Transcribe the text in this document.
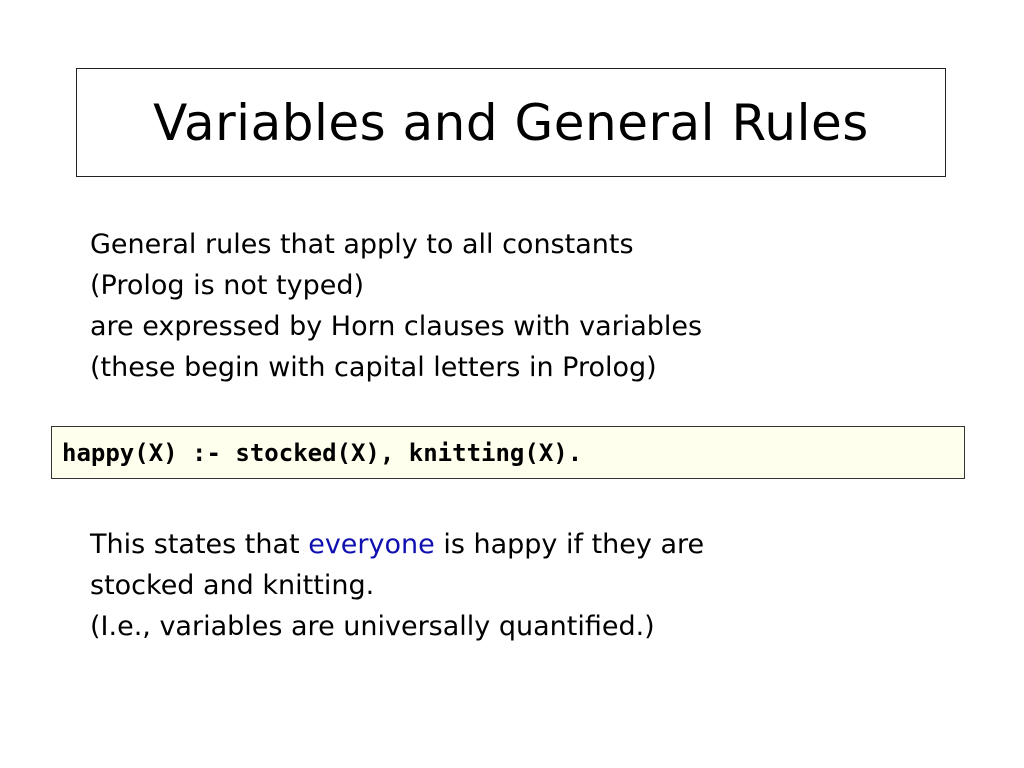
Variables and General Rules
General rules that apply to all constants
(Prolog is not typed)
are expressed by Horn clauses with variables
(these begin with capital letters in Prolog)
happy(X) :- stocked(X), knitting(X).
This states that everyone is happy if they are
stocked and knitting.
(I.e., variables are universally quantified.)
